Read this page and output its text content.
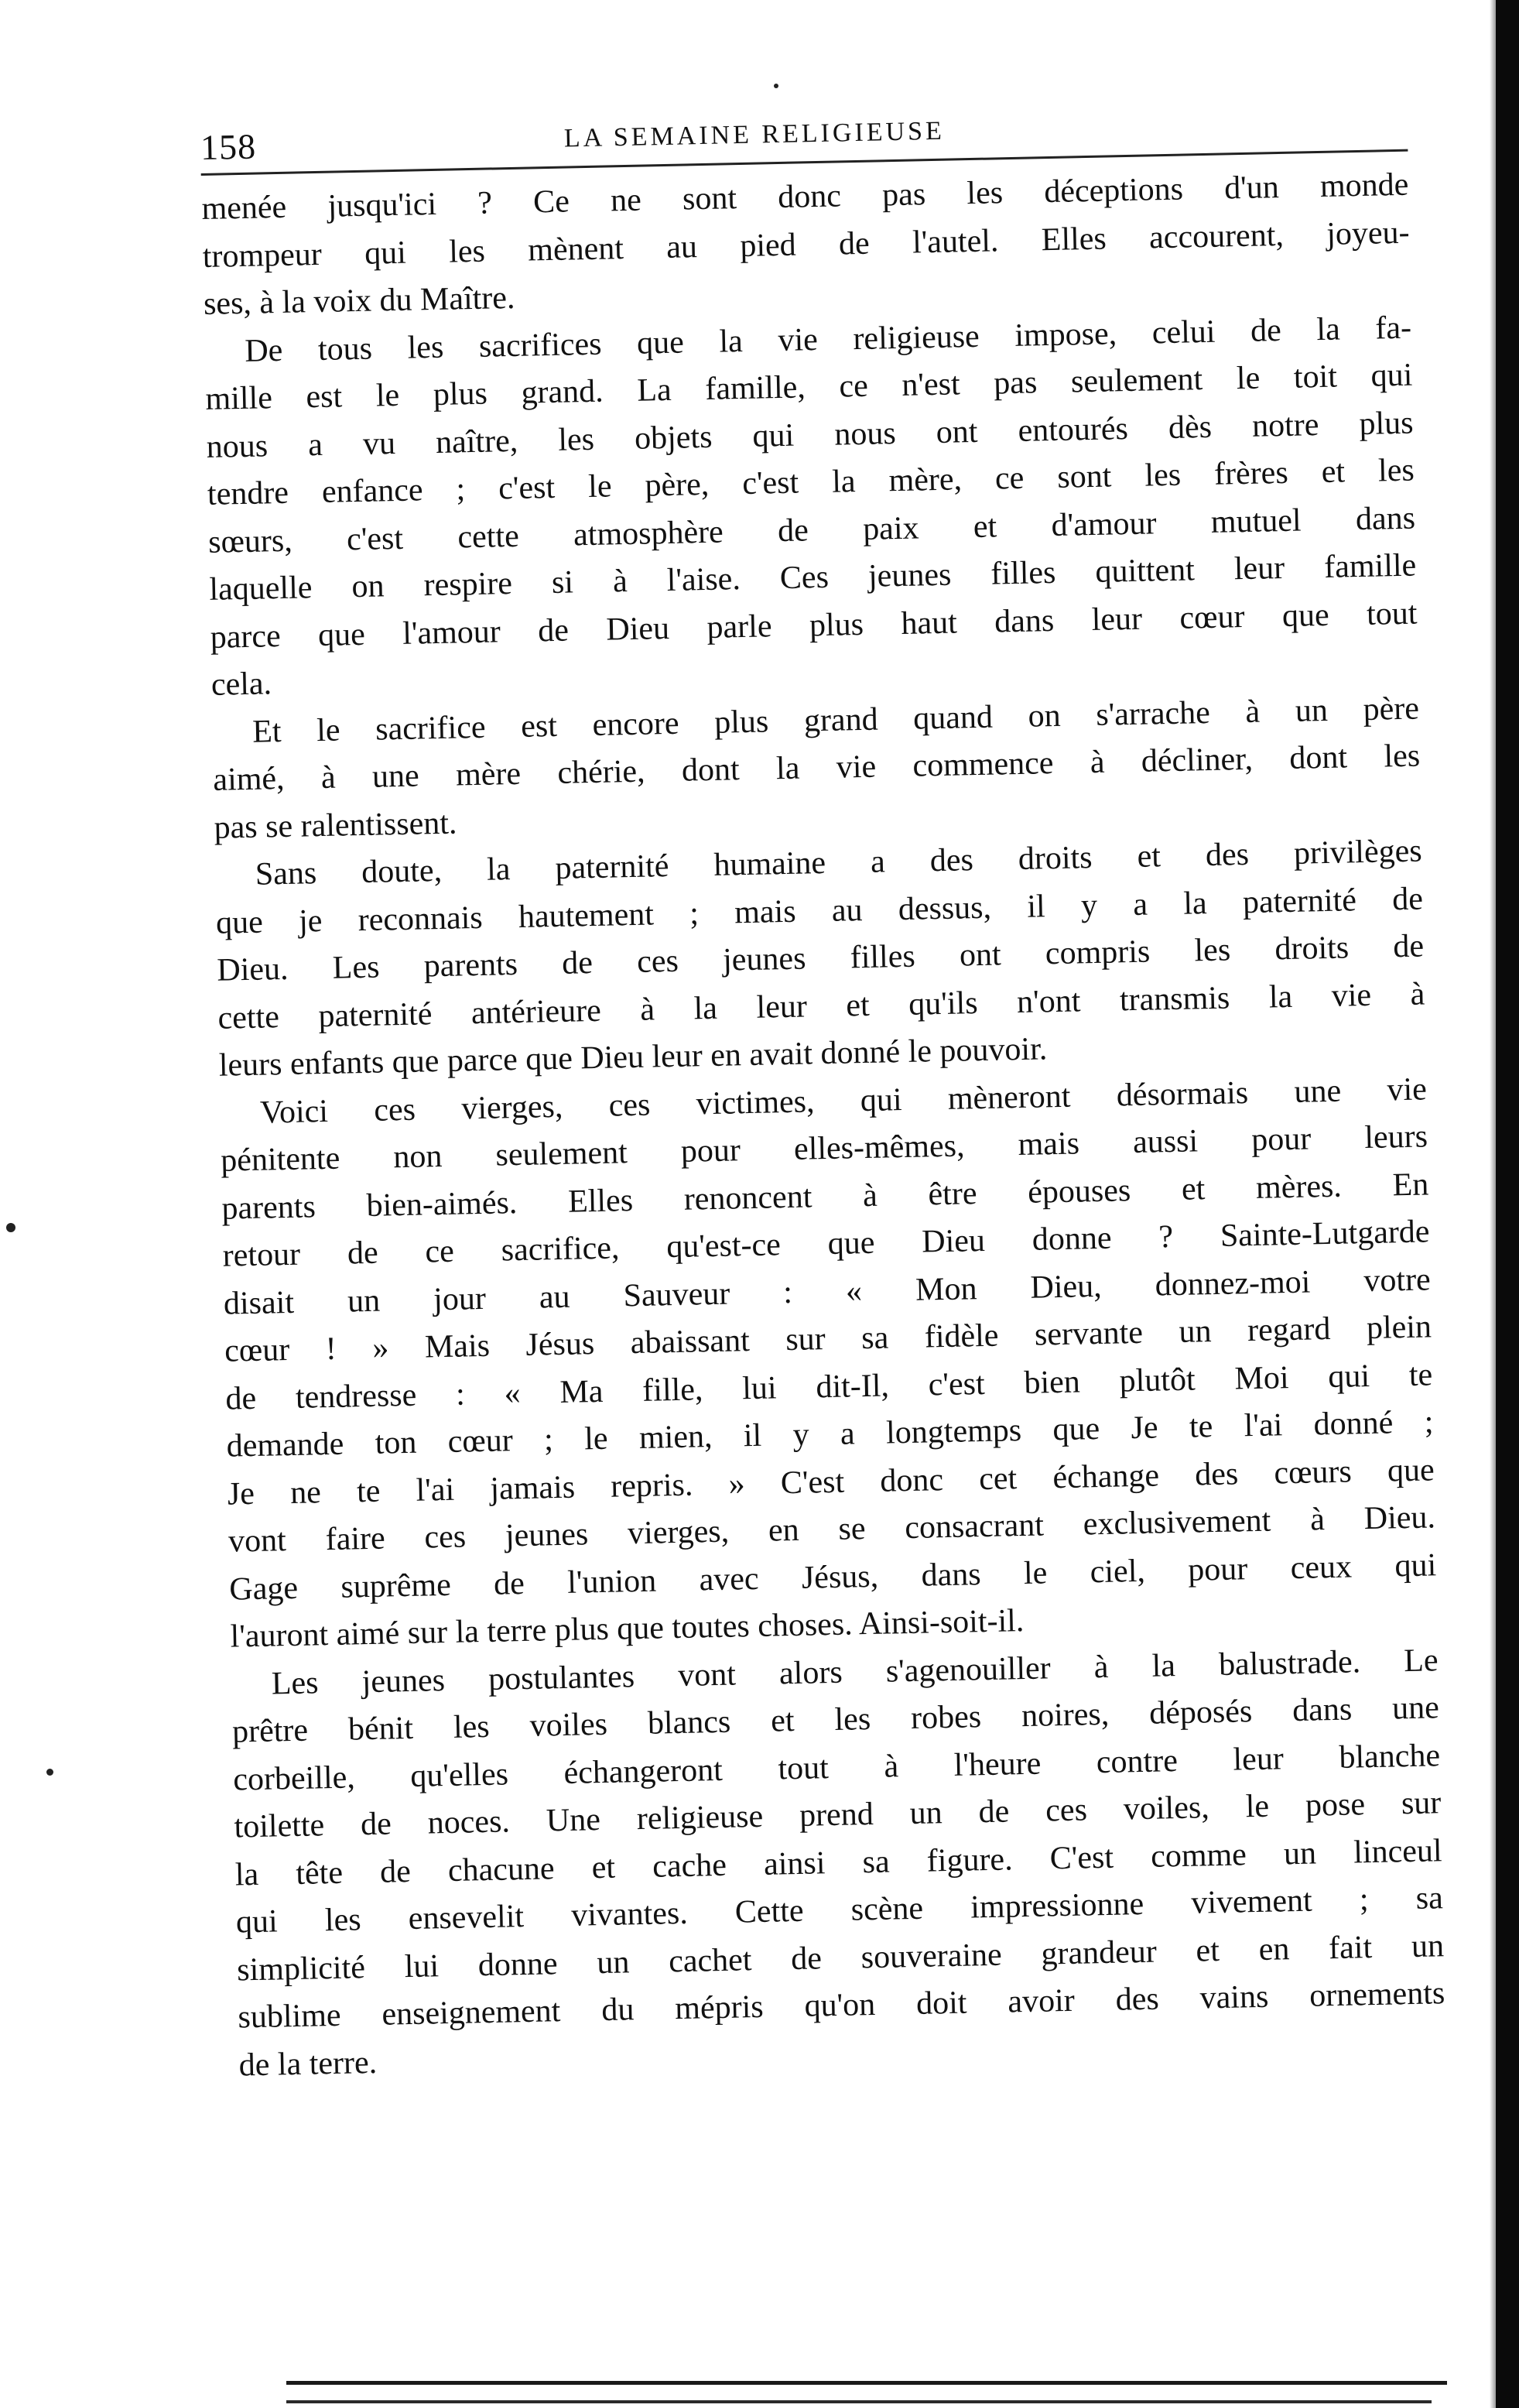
158	LA SEMAINE RELIGIEUSE
menée jusqu'ici ? Ce ne sont donc pas les déceptions d'un monde
trompeur qui les mènent au pied de l'autel. Elles accourent, joyeu-
ses, à la voix du Maître.
De tous les sacrifices que la vie religieuse impose, celui de la fa-
mille est le plus grand. La famille, ce n'est pas seulement le toit qui
nous a vu naître, les objets qui nous ont entourés dès notre plus
tendre enfance ; c'est le père, c'est la mère, ce sont les frères et les
sœurs, c'est cette atmosphère de paix et d'amour mutuel dans
laquelle on respire si à l'aise. Ces jeunes filles quittent leur famille
parce que l'amour de Dieu parle plus haut dans leur cœur que tout
cela.
Et le sacrifice est encore plus grand quand on s'arrache à un père
aimé, à une mère chérie, dont la vie commence à décliner, dont les
pas se ralentissent.
Sans doute, la paternité humaine a des droits et des privilèges
que je reconnais hautement ; mais au dessus, il y a la paternité de
Dieu. Les parents de ces jeunes filles ont compris les droits de
cette paternité antérieure à la leur et qu'ils n'ont transmis la vie à
leurs enfants que parce que Dieu leur en avait donné le pouvoir.
Voici ces vierges, ces victimes, qui mèneront désormais une vie
pénitente non seulement pour elles-mêmes, mais aussi pour leurs
parents bien-aimés. Elles renoncent à être épouses et mères. En
retour de ce sacrifice, qu'est-ce que Dieu donne ? Sainte-Lutgarde
disait un jour au Sauveur : « Mon Dieu, donnez-moi votre
cœur ! » Mais Jésus abaissant sur sa fidèle servante un regard plein
de tendresse : « Ma fille, lui dit-Il, c'est bien plutôt Moi qui te
demande ton cœur ; le mien, il y a longtemps que Je te l'ai donné ;
Je ne te l'ai jamais repris. » C'est donc cet échange des cœurs que
vont faire ces jeunes vierges, en se consacrant exclusivement à Dieu.
Gage suprême de l'union avec Jésus, dans le ciel, pour ceux qui
l'auront aimé sur la terre plus que toutes choses. Ainsi-soit-il.
Les jeunes postulantes vont alors s'agenouiller à la balustrade. Le
prêtre bénit les voiles blancs et les robes noires, déposés dans une
corbeille, qu'elles échangeront tout à l'heure contre leur blanche
toilette de noces. Une religieuse prend un de ces voiles, le pose sur
la tête de chacune et cache ainsi sa figure. C'est comme un linceul
qui les ensevelit vivantes. Cette scène impressionne vivement ; sa
simplicité lui donne un cachet de souveraine grandeur et en fait un
sublime enseignement du mépris qu'on doit avoir des vains ornements
de la terre.
